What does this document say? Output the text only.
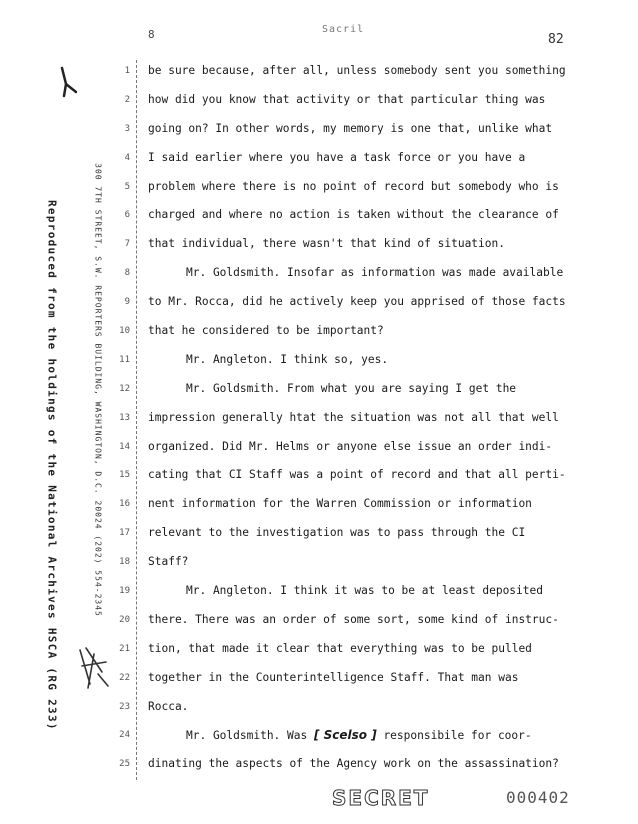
8	Sacril
82
Reproduced from the holdings of the National Archives HSCA (RG 233)	300 7TH STREET, S.W. REPORTERS BUILDING, WASHINGTON, D.C. 20024 (202) 554-2345
1 be sure because, after all, unless somebody sent you something
2 how did you know that activity or that particular thing was
3 going on? In other words, my memory is one that, unlike what
4 I said earlier where you have a task force or you have a
5 problem where there is no point of record but somebody who is
6 charged and where no action is taken without the clearance of
7 that individual, there wasn't that kind of situation.
8	Mr. Goldsmith. Insofar as information was made available
9 to Mr. Rocca, did he actively keep you apprised of those facts
10 that he considered to be important?
11	Mr. Angleton. I think so, yes.
12	Mr. Goldsmith. From what you are saying I get the
13 impression generally htat the situation was not all that well
14 organized. Did Mr. Helms or anyone else issue an order indi-
15 cating that CI Staff was a point of record and that all perti-
16 nent information for the Warren Commission or information
17 relevant to the investigation was to pass through the CI
18 Staff?
19	Mr. Angleton. I think it was to be at least deposited
20 there. There was an order of some sort, some kind of instruc-
21 tion, that made it clear that everything was to be pulled
22 together in the Counterintelligence Staff. That man was
23 Rocca.
24	Mr. Goldsmith. Was [ Scelso ] responsibile for coor-
25 dinating the aspects of the Agency work on the assassination?
SECRET	000402
